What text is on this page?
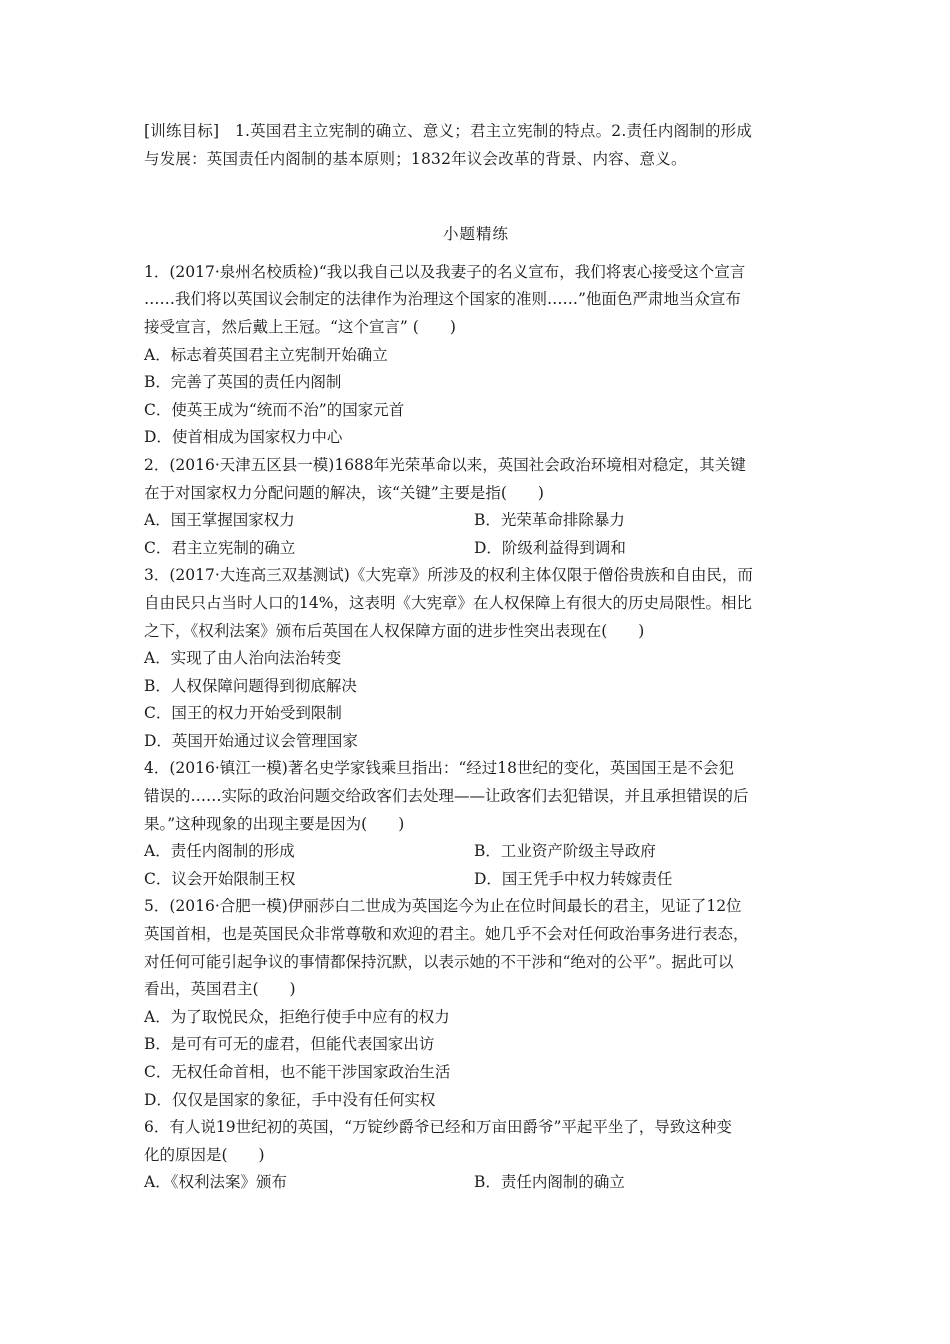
[训练目标]　1.英国君主立宪制的确立、意义；君主立宪制的特点。2.责任内阁制的形成
与发展：英国责任内阁制的基本原则；1832年议会改革的背景、内容、意义。
小题精练
1．(2017·泉州名校质检)“我以我自己以及我妻子的名义宣布，我们将衷心接受这个宣言
……我们将以英国议会制定的法律作为治理这个国家的准则……”他面色严肃地当众宣布
接受宣言，然后戴上王冠。“这个宣言” (　　)
A．标志着英国君主立宪制开始确立
B．完善了英国的责任内阁制
C．使英王成为“统而不治”的国家元首
D．使首相成为国家权力中心
2．(2016·天津五区县一模)1688年光荣革命以来，英国社会政治环境相对稳定，其关键
在于对国家权力分配问题的解决，该“关键”主要是指(　　)
A．国王掌握国家权力	B．光荣革命排除暴力
C．君主立宪制的确立	D．阶级利益得到调和
3．(2017·大连高三双基测试)《大宪章》所涉及的权利主体仅限于僧俗贵族和自由民，而
自由民只占当时人口的14%，这表明《大宪章》在人权保障上有很大的历史局限性。相比
之下，《权利法案》颁布后英国在人权保障方面的进步性突出表现在(　　)
A．实现了由人治向法治转变
B．人权保障问题得到彻底解决
C．国王的权力开始受到限制
D．英国开始通过议会管理国家
4．(2016·镇江一模)著名史学家钱乘旦指出：“经过18世纪的变化，英国国王是不会犯
错误的……实际的政治问题交给政客们去处理——让政客们去犯错误，并且承担错误的后
果。”这种现象的出现主要是因为(　　)
A．责任内阁制的形成	B．工业资产阶级主导政府
C．议会开始限制王权	D．国王凭手中权力转嫁责任
5．(2016·合肥一模)伊丽莎白二世成为英国迄今为止在位时间最长的君主，见证了12位
英国首相，也是英国民众非常尊敬和欢迎的君主。她几乎不会对任何政治事务进行表态，
对任何可能引起争议的事情都保持沉默，以表示她的不干涉和“绝对的公平”。据此可以
看出，英国君主(　　)
A．为了取悦民众，拒绝行使手中应有的权力
B．是可有可无的虚君，但能代表国家出访
C．无权任命首相，也不能干涉国家政治生活
D．仅仅是国家的象征，手中没有任何实权
6．有人说19世纪初的英国，“万锭纱爵爷已经和万亩田爵爷”平起平坐了，导致这种变
化的原因是(　　)
A．《权利法案》颁布	B．责任内阁制的确立
